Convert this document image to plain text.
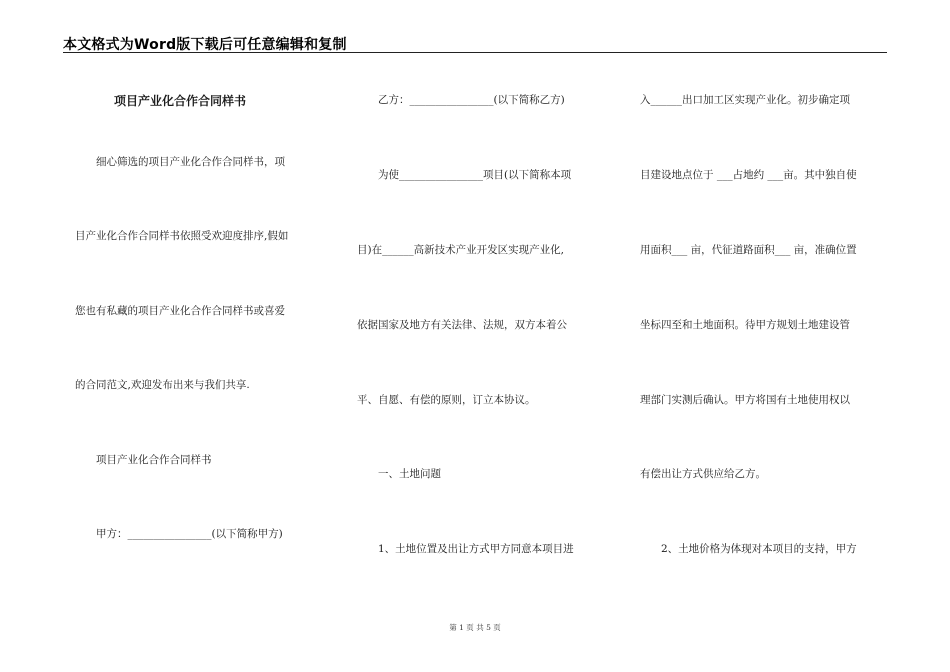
本文格式为Word版下载后可任意编辑和复制
项目产业化合作合同样书
细心筛选的项目产业化合作合同样书，项
目产业化合作合同样书依照受欢迎度排序,假如
您也有私藏的项目产业化合作合同样书或喜爱
的合同范文,欢迎发布出来与我们共享.
项目产业化合作合同样书
甲方：________________(以下简称甲方)
乙方：________________(以下简称乙方)
为使________________项目(以下简称本项
目)在______高新技术产业开发区实现产业化,
依据国家及地方有关法律、法规，双方本着公
平、自愿、有偿的原则，订立本协议。
一、土地问题
1、土地位置及出让方式甲方同意本项目进
入______出口加工区实现产业化。初步确定项
目建设地点位于 ___占地约 ___亩。其中独自使
用面积___ 亩，代征道路面积___ 亩，准确位置
坐标四至和土地面积。待甲方规划土地建设管
理部门实测后确认。甲方将国有土地使用权以
有偿出让方式供应给乙方。
2、土地价格为体现对本项目的支持，甲方
第 1 页 共 5 页
